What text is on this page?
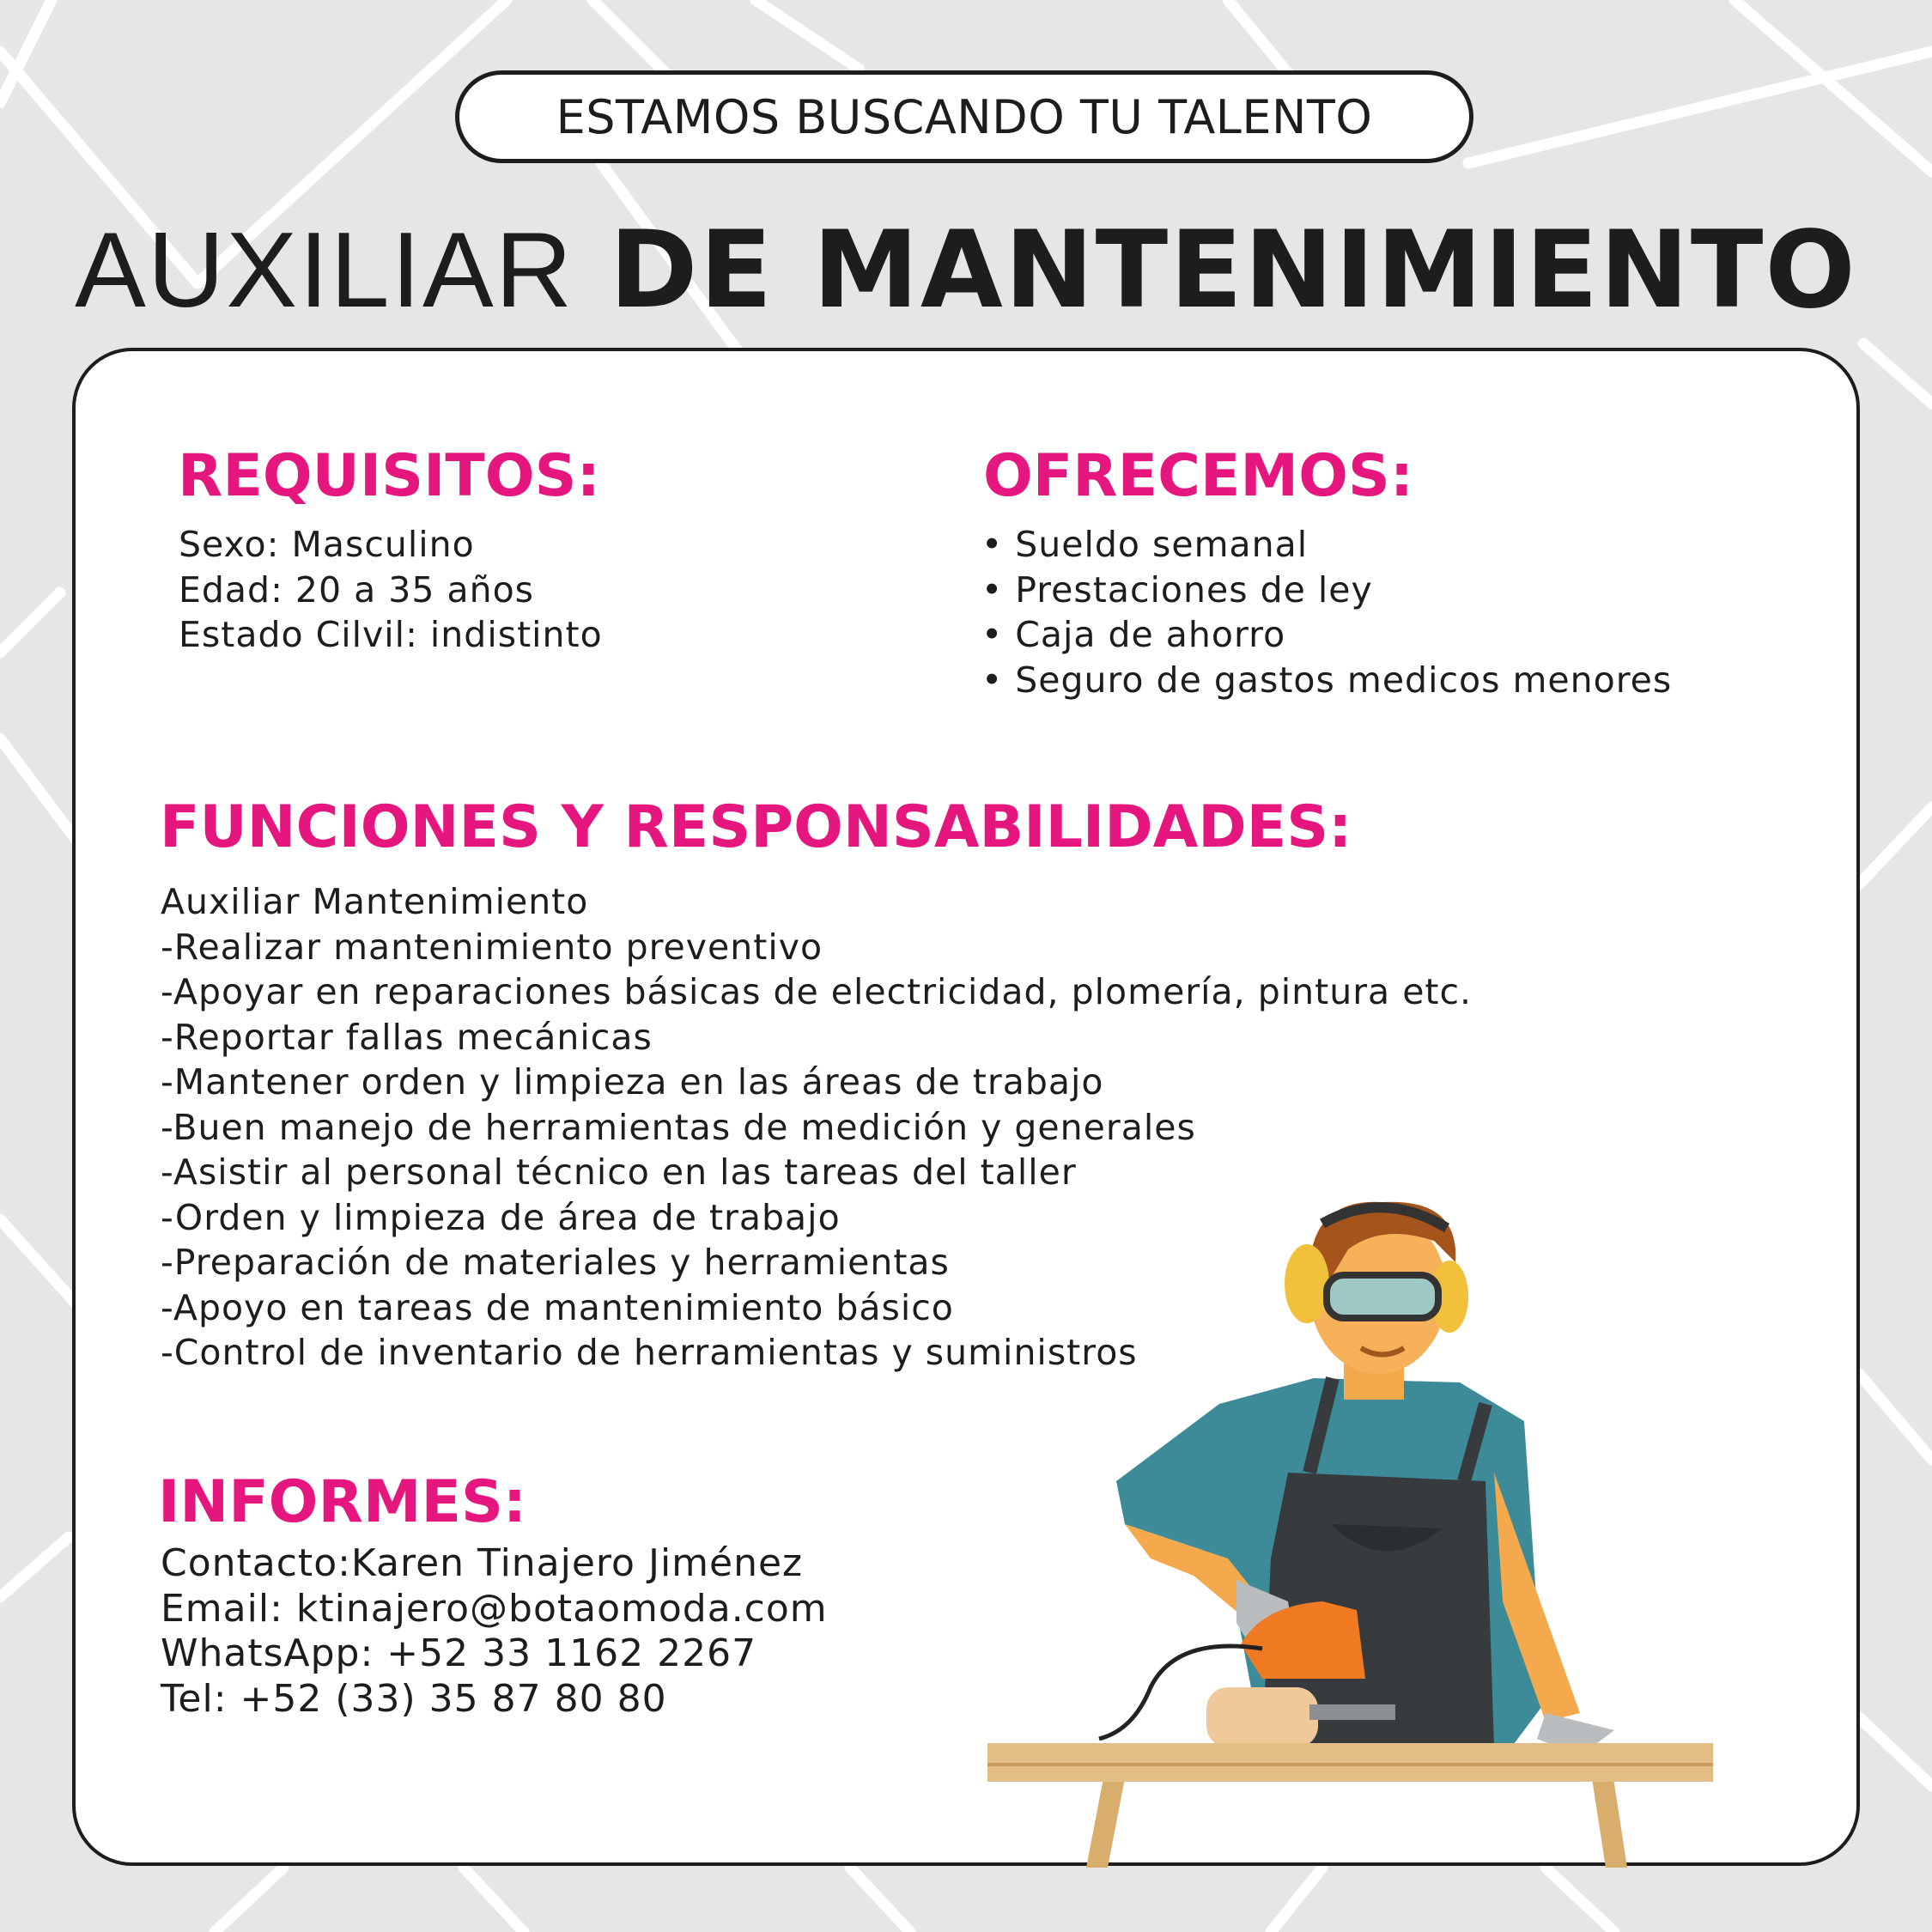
ESTAMOS BUSCANDO TU TALENTO
AUXILIAR DE MANTENIMIENTO
REQUISITOS:
Sexo: Masculino
Edad: 20 a 35 años
Estado Cilvil: indistinto
OFRECEMOS:
• Sueldo semanal
• Prestaciones de ley
• Caja de ahorro
• Seguro de gastos medicos menores
FUNCIONES Y RESPONSABILIDADES:
Auxiliar Mantenimiento
-Realizar mantenimiento preventivo
-Apoyar en reparaciones básicas de electricidad, plomería, pintura etc.
-Reportar fallas mecánicas
-Mantener orden y limpieza en las áreas de trabajo
-Buen manejo de herramientas de medición y generales
-Asistir al personal técnico en las tareas del taller
-Orden y limpieza de área de trabajo
-Preparación de materiales y herramientas
-Apoyo en tareas de mantenimiento básico
-Control de inventario de herramientas y suministros
INFORMES:
Contacto:Karen Tinajero Jiménez
Email: ktinajero@botaomoda.com
WhatsApp: +52 33 1162 2267
Tel: +52 (33) 35 87 80 80
